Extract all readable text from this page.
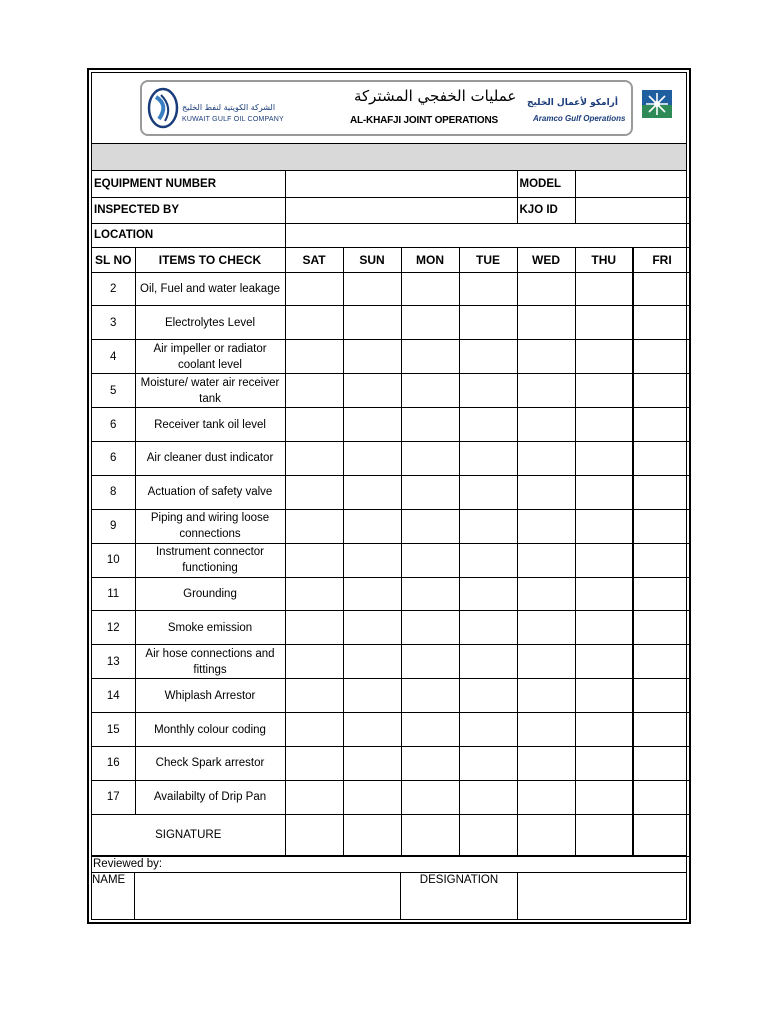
الشركة الكويتية لنفط الخليج
KUWAIT GULF OIL COMPANY
عمليات الخفجي المشتركة
AL-KHAFJI JOINT OPERATIONS
أرامكو لأعمال الخليج
Aramco Gulf Operations
EQUIPMENT NUMBER						MODEL		
INSPECTED BY						KJO ID		
LOCATION								
SL NO	ITEMS TO CHECK	SAT	SUN	MON	TUE	WED	THU	FRI
2	Oil, Fuel and water leakage							
3	Electrolytes Level							
4	Air impeller or radiator coolant level							
5	Moisture/ water air receiver tank							
6	Receiver tank oil level							
6	Air cleaner dust indicator							
8	Actuation of safety valve							
9	Piping and wiring loose connections							
10	Instrument connector functioning							
11	Grounding							
12	Smoke emission							
13	Air hose connections and fittings							
14	Whiplash Arrestor							
15	Monthly colour coding							
16	Check Spark arrestor							
17	Availabilty of Drip Pan							
SIGNATURE								
Reviewed by:
NAME	DESIGNATION
